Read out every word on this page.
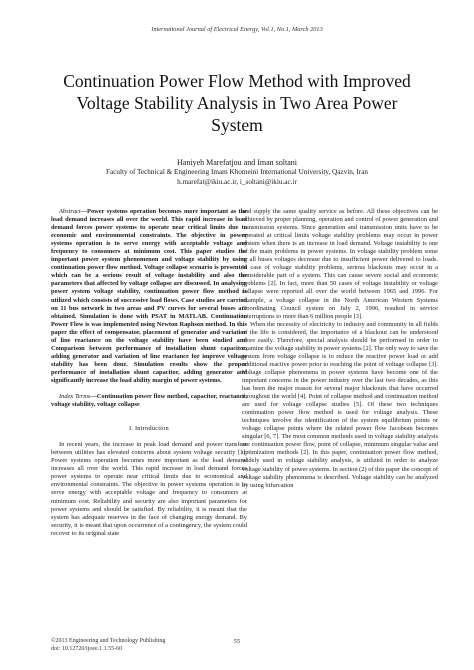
International Journal of Electrical Energy, Vol.1, No.1, March 2013
Continuation Power Flow Method with Improved
Voltage Stability Analysis in Two Area Power
System
Haniyeh Marefatjou and Iman soltani
Faculty of Technical & Engineering Imam Khomeini International University, Qazvin, Iran
h.marefat@ikiu.ac.ir, i_soltani@ikiu.ac.ir

Abstract—Power systems operation becomes more important as the load demand increases all over the world. This rapid increase in load demand forces power systems to operate near critical limits due to economic and environmental constraints. The objective in power systems operation is to serve energy with acceptable voltage and frequency to consumers at minimum cost. This paper studies the important power system phenomenon and voltage stability by using continuation power flow method. Voltage collapse scenario is presented which can be a serious result of voltage instability and also the parameters that affected by voltage collapse are discussed. In analysing power system voltage stability, continuation power flow method is utilized which consists of successive load flows. Case studies are carried on 11 bus network in two areas and PV curves for several buses are obtained. Simulation is done with PSAT in MATLAB. Continuation Power Flow is was implemented using Newton Raphson method. In this paper the effect of compensator, placement of generator and variation of line reactance on the voltage stability have been studied and Comparison between performance of installation shunt capacitor, adding generator and variation of line reactance for improve voltage stability has been done. Simulation results show the proper performance of installation shunt capacitor, adding generator and significantly increase the load ability margin of power systems.

Index Terms—Continuation power flow method, capacitor, reactance, voltage stability, voltage collapse

I. Introduction

In recent years, the increase in peak load demand and power transfers between utilities has elevated concerns about system voltage security [1]. Power systems operation becomes more important as the load demand increases all over the world. This rapid increase in load demand forces power systems to operate near critical limits due to economical and environmental constraints. The objective in power systems operation is to serve energy with acceptable voltage and frequency to consumers at minimum cost. Reliability and security are also important parameters for power systems and should be satisfied. By reliability, it is meant that the system has adequate reserves in the face of changing energy demand. By security, it is meant that upon occurrence of a contingency, the system could recover to its original state

and supply the same quality service as before. All these objectives can be achieved by proper planning, operation and control of power generation and transmission systems. Since generation and transmission units have to be operated at critical limits voltage stability problems may occur in power system when there is an increase in load demand. Voltage instability is one of the main problems in power systems. In voltage stability problem some or all buses voltages decrease due to insufficient power delivered to loads. In case of voltage stability problems, serious blackouts may occur in a considerable part of a system. This can cause severe social and economic problems [2]. In fact, more than 50 cases of voltage instability or voltage collapse were reported all over the world between 1965 and 1996. For example, a voltage collapse in the North American Western Systems Coordinating Council system on July 2, 1996, resulted in service interruptions to more than 6 million people [3].

When the necessity of electricity to industry and community in all fields of the life is considered, the importance of a blackout can be understood more easily. Therefore, special analysis should be performed in order to examine the voltage stability in power systems [2]. The only way to save the system from voltage collapse is to reduce the reactive power load or add additional reactive power prior to reaching the point of voltage collapse [3]. Voltage collapse phenomena in power systems have become one of the important concerns in the power industry over the last two decades, as this has been the major reason for several major blackouts that have occurred throughout the world [4]. Point of collapse method and continuation method are used for voltage collapse studies [5]. Of these two techniques continuation power flow method is used for voltage analysis. These techniques involve the identification of the system equilibrium points or voltage collapse points where the related power flow Jacobean becomes singular [6, 7]. The most common methods used in voltage stability analysis are continuation power flow, point of collapse, minimum singular value and optimization methods [2]. In this paper, continuation power flow method, widely used in voltage stability analysis, is utilized in order to analyze voltage stability of power systems. In section (2) of this paper the concept of voltage stability phenomena is described. Voltage stability can be analyzed by using bifurcation

©2013 Engineering and Technology Publishing
doi: 10.12720/ijoee.1.1.55-60
55
